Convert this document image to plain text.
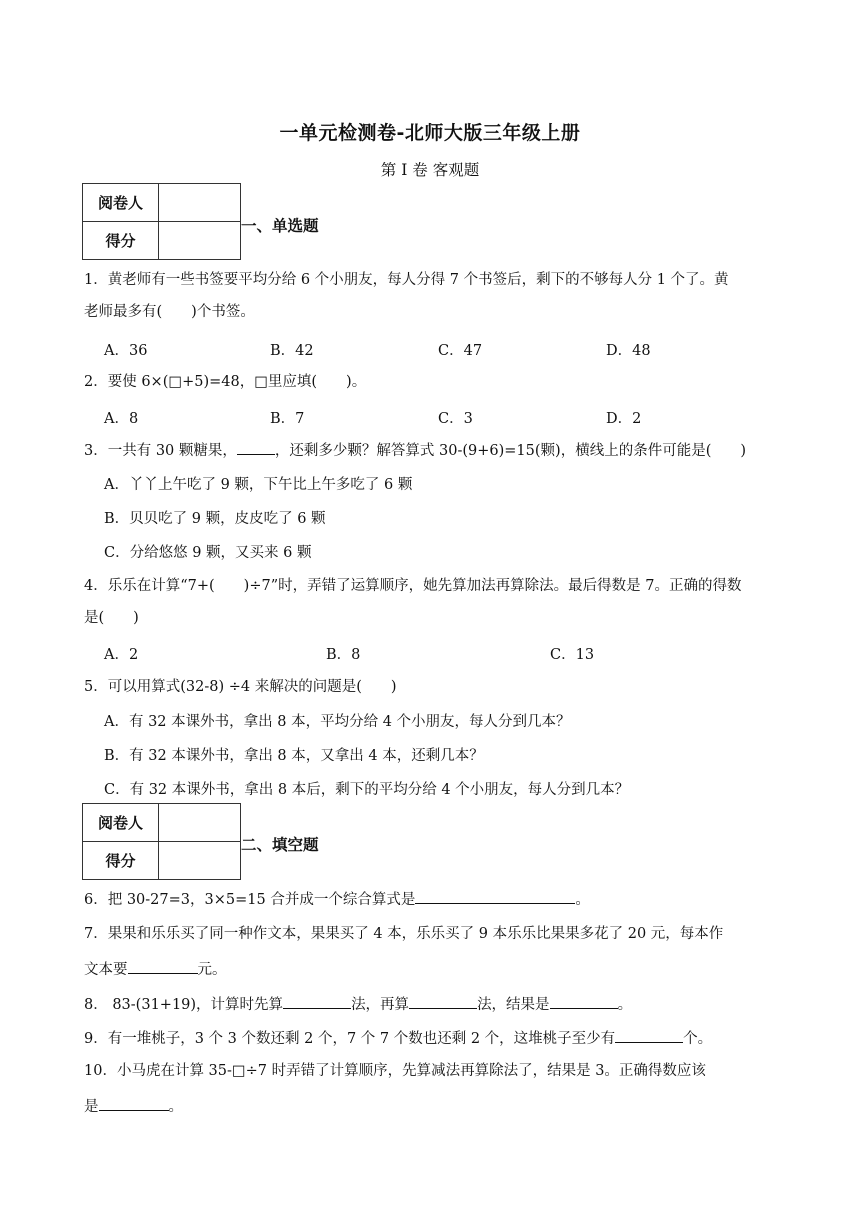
一单元检测卷-北师大版三年级上册
第 I 卷 客观题
阅卷人	
得分	
一、单选题
1．黄老师有一些书签要平均分给 6 个小朋友，每人分得 7 个书签后，剩下的不够每人分 1 个了。黄
老师最多有(　　)个书签。
A．36	B．42	C．47	D．48
2．要使 6×(□+5)=48，□里应填(　　)。
A．8	B．7	C．3	D．2
3．一共有 30 颗糖果，	，还剩多少颗？解答算式 30-(9+6)=15(颗)，横线上的条件可能是(　　)
A．丫丫上午吃了 9 颗，下午比上午多吃了 6 颗
B．贝贝吃了 9 颗，皮皮吃了 6 颗
C．分给悠悠 9 颗，又买来 6 颗
4．乐乐在计算“7+(　　)÷7”时，弄错了运算顺序，她先算加法再算除法。最后得数是 7。正确的得数
是(　　)
A．2	B．8	C．13
5．可以用算式(32-8) ÷4 来解决的问题是(　　)
A．有 32 本课外书，拿出 8 本，平均分给 4 个小朋友，每人分到几本？
B．有 32 本课外书，拿出 8 本，又拿出 4 本，还剩几本？
C．有 32 本课外书，拿出 8 本后，剩下的平均分给 4 个小朋友，每人分到几本？
阅卷人	
得分	
二、填空题
6．把 30-27=3，3×5=15 合并成一个综合算式是	。
7．果果和乐乐买了同一种作文本，果果买了 4 本，乐乐买了 9 本乐乐比果果多花了 20 元，每本作
文本要	元。
8． 83-(31+19)，计算时先算	法，再算	法，结果是	。
9．有一堆桃子，3 个 3 个数还剩 2 个，7 个 7 个数也还剩 2 个，这堆桃子至少有	个。
10．小马虎在计算 35-□÷7 时弄错了计算顺序，先算减法再算除法了，结果是 3。正确得数应该
是	。
